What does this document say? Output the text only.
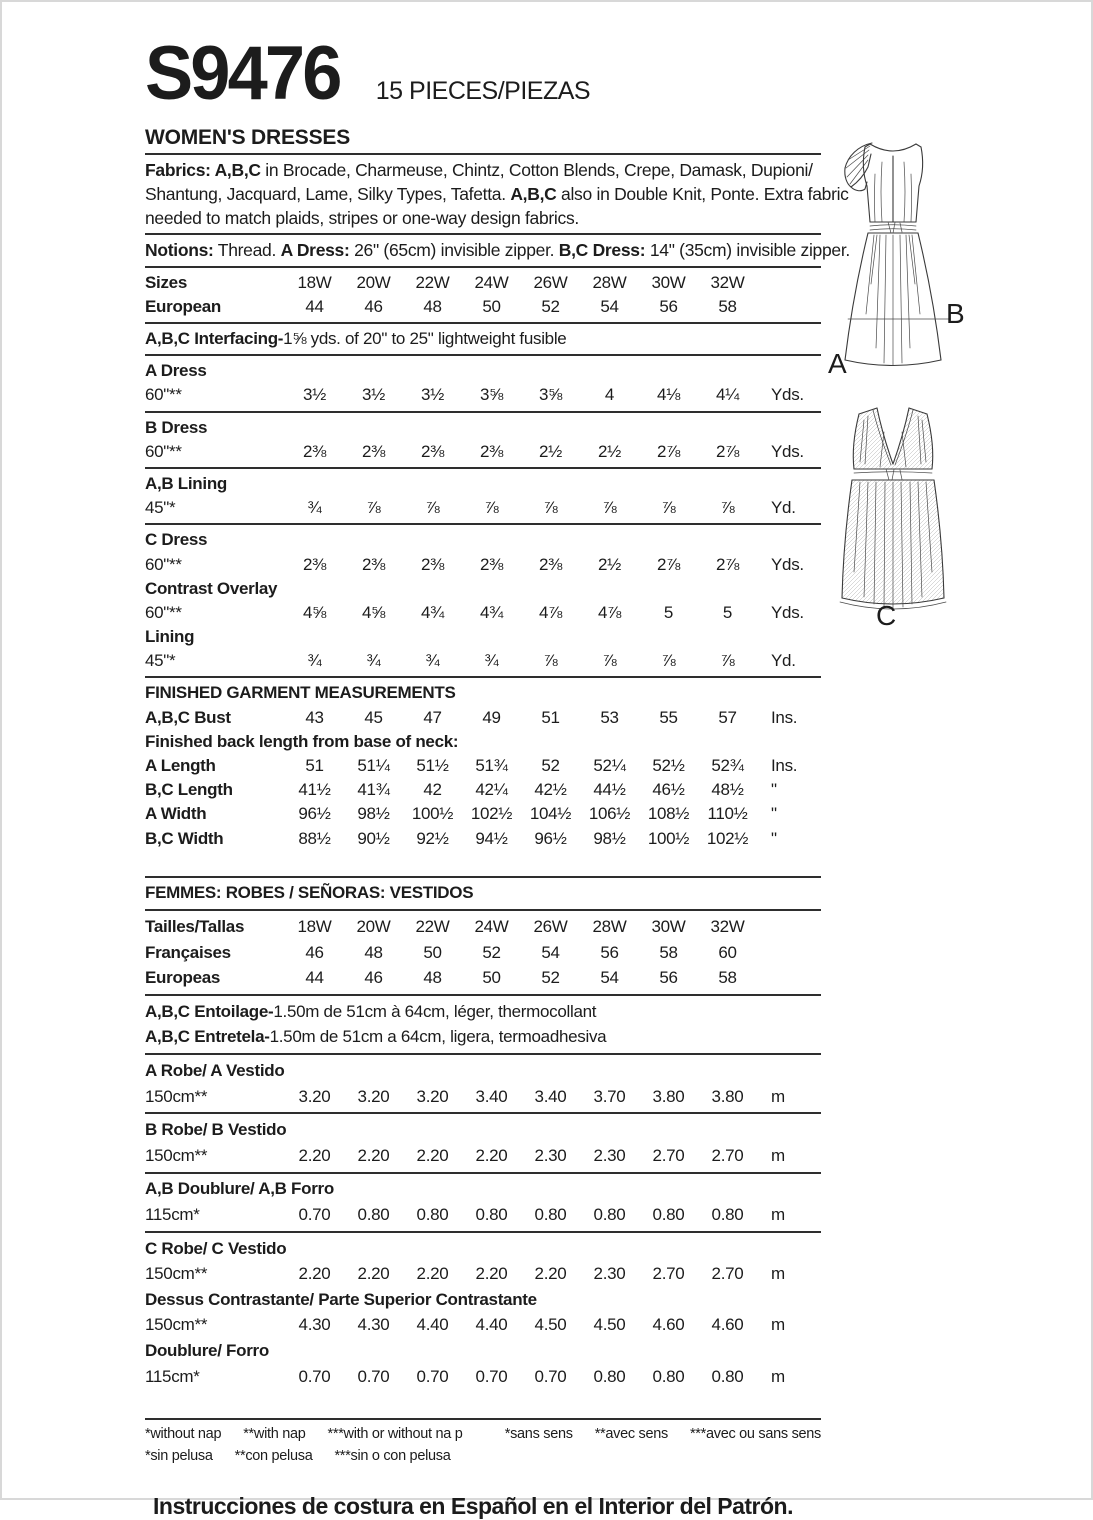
S9476 15 PIECES/PIEZAS
WOMEN'S DRESSES
Fabrics: A,B,C in Brocade, Charmeuse, Chintz, Cotton Blends, Crepe, Damask, Dupioni/
Shantung, Jacquard, Lame, Silky Types, Tafetta. A,B,C also in Double Knit, Ponte. Extra fabric
needed to match plaids, stripes or one-way design fabrics.
Notions: Thread. A Dress: 26" (65cm) invisible zipper. B,C Dress: 14" (35cm) invisible zipper.
Sizes	18W	20W	22W	24W	26W	28W	30W	32W
European	44	46	48	50	52	54	56	58
A,B,C Interfacing- 1⅝ yds. of 20" to 25" lightweight fusible
A Dress
60"**	3½	3½	3½	3⅝	3⅝	4	4⅛	4¼	Yds.
B Dress
60"**	2⅜	2⅜	2⅜	2⅜	2½	2½	2⅞	2⅞	Yds.
A,B Lining
45"*	¾	⅞	⅞	⅞	⅞	⅞	⅞	⅞	Yd.
C Dress
60"**	2⅜	2⅜	2⅜	2⅜	2⅜	2½	2⅞	2⅞	Yds.
Contrast Overlay
60"**	4⅝	4⅝	4¾	4¾	4⅞	4⅞	5	5	Yds.
Lining
45"*	¾	¾	¾	¾	⅞	⅞	⅞	⅞	Yd.
FINISHED GARMENT MEASUREMENTS
A,B,C Bust	43	45	47	49	51	53	55	57	Ins.
Finished back length from base of neck:
A Length	51	51¼	51½	51¾	52	52¼	52½	52¾	Ins.
B,C Length	41½	41¾	42	42¼	42½	44½	46½	48½	"
A Width	96½	98½	100½	102½	104½	106½	108½	110½	"
B,C Width	88½	90½	92½	94½	96½	98½	100½	102½	"
FEMMES: ROBES / SEÑORAS: VESTIDOS
Tailles/Tallas	18W	20W	22W	24W	26W	28W	30W	32W
Françaises	46	48	50	52	54	56	58	60
Europeas	44	46	48	50	52	54	56	58
A,B,C Entoilage- 1.50m de 51cm à 64cm, léger, thermocollant
A,B,C Entretela- 1.50m de 51cm a 64cm, ligera, termoadhesiva
A Robe/ A Vestido
150cm**	3.20	3.20	3.20	3.40	3.40	3.70	3.80	3.80	m
B Robe/ B Vestido
150cm**	2.20	2.20	2.20	2.20	2.30	2.30	2.70	2.70	m
A,B Doublure/ A,B Forro
115cm*	0.70	0.80	0.80	0.80	0.80	0.80	0.80	0.80	m
C Robe/ C Vestido
150cm**	2.20	2.20	2.20	2.20	2.20	2.30	2.70	2.70	m
Dessus Contrastante/ Parte Superior Contrastante
150cm**	4.30	4.30	4.40	4.40	4.50	4.50	4.60	4.60	m
Doublure/ Forro
115cm*	0.70	0.70	0.70	0.70	0.70	0.80	0.80	0.80	m
*without nap **with nap ***with or without na p	*sans sens **avec sens ***avec ou sans sens
*sin pelusa **con pelusa ***sin o con pelusa
Instrucciones de costura en Español en el Interior del Patrón.
B
A
C
